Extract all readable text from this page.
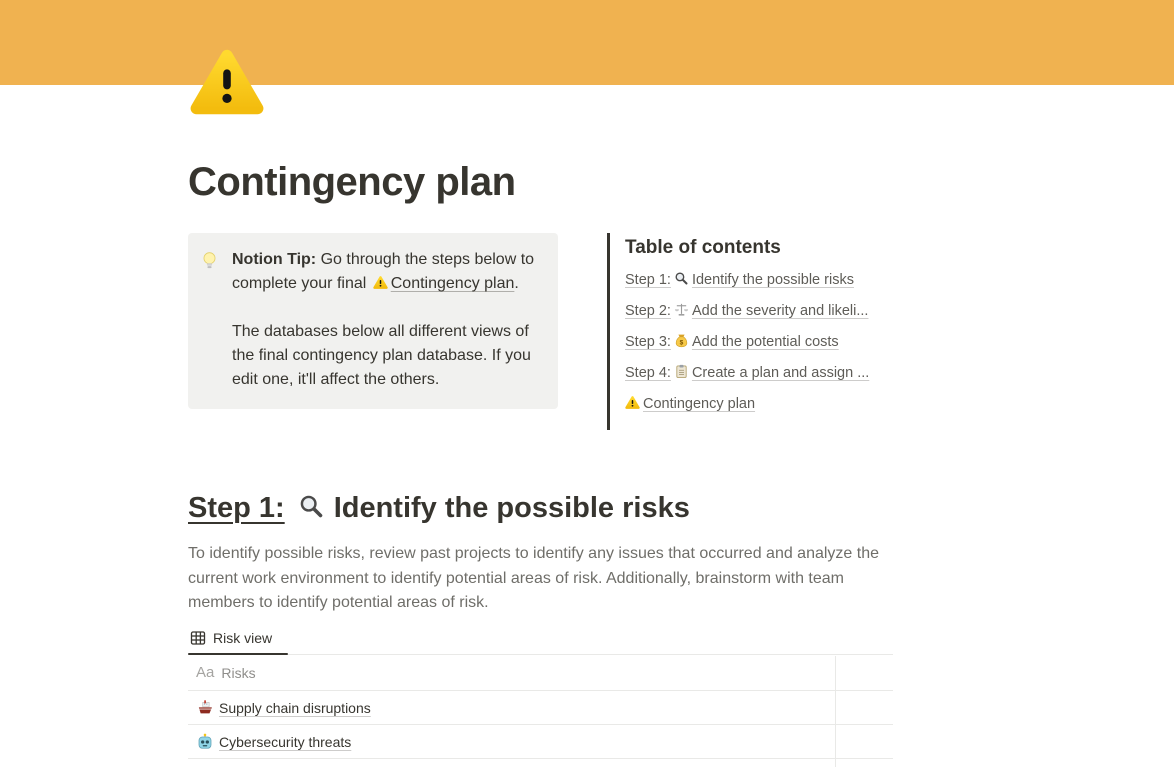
Contingency plan

Notion Tip: Go through the steps below to complete your final Contingency plan.

The databases below all different views of the final contingency plan database. If you edit one, it'll affect the others.

Table of contents
Step 1: Identify the possible risks
Step 2: Add the severity and likeli...
Step 3: $ Add the potential costs
Step 4: Create a plan and assign ...
Contingency plan
Step 1: Identify the possible risks

To identify possible risks, review past projects to identify any issues that occurred and analyze the current work environment to identify potential areas of risk. Additionally, brainstorm with team members to identify potential areas of risk.

Risk view
Aa Risks
Supply chain disruptions
Cybersecurity threats
